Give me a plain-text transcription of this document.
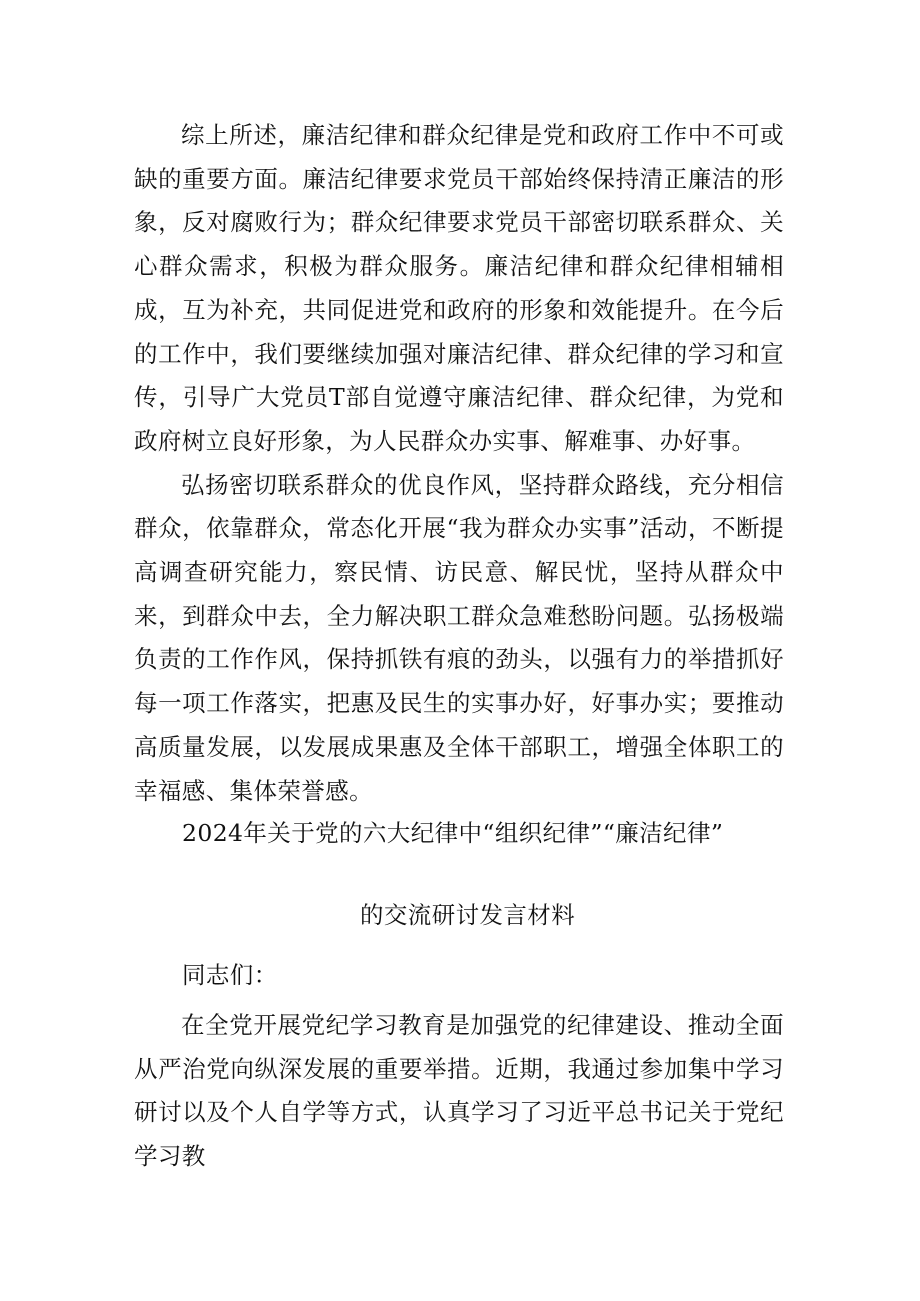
综上所述，廉洁纪律和群众纪律是党和政府工作中不可或缺的重要方面。廉洁纪律要求党员干部始终保持清正廉洁的形象，反对腐败行为；群众纪律要求党员干部密切联系群众、关心群众需求，积极为群众服务。廉洁纪律和群众纪律相辅相成，互为补充，共同促进党和政府的形象和效能提升。在今后的工作中，我们要继续加强对廉洁纪律、群众纪律的学习和宣传，引导广大党员T部自觉遵守廉洁纪律、群众纪律，为党和政府树立良好形象，为人民群众办实事、解难事、办好事。

弘扬密切联系群众的优良作风，坚持群众路线，充分相信群众，依靠群众，常态化开展“我为群众办实事”活动，不断提高调查研究能力，察民情、访民意、解民忧，坚持从群众中来，到群众中去，全力解决职工群众急难愁盼问题。弘扬极端负责的工作作风，保持抓铁有痕的劲头，以强有力的举措抓好每一项工作落实，把惠及民生的实事办好，好事办实；要推动高质量发展，以发展成果惠及全体干部职工，增强全体职工的幸福感、集体荣誉感。

2024年关于党的六大纪律中“组织纪律”“廉洁纪律”
的交流研讨发言材料
同志们：

在全党开展党纪学习教育是加强党的纪律建设、推动全面从严治党向纵深发展的重要举措。近期，我通过参加集中学习研讨以及个人自学等方式，认真学习了习近平总书记关于党纪学习教
